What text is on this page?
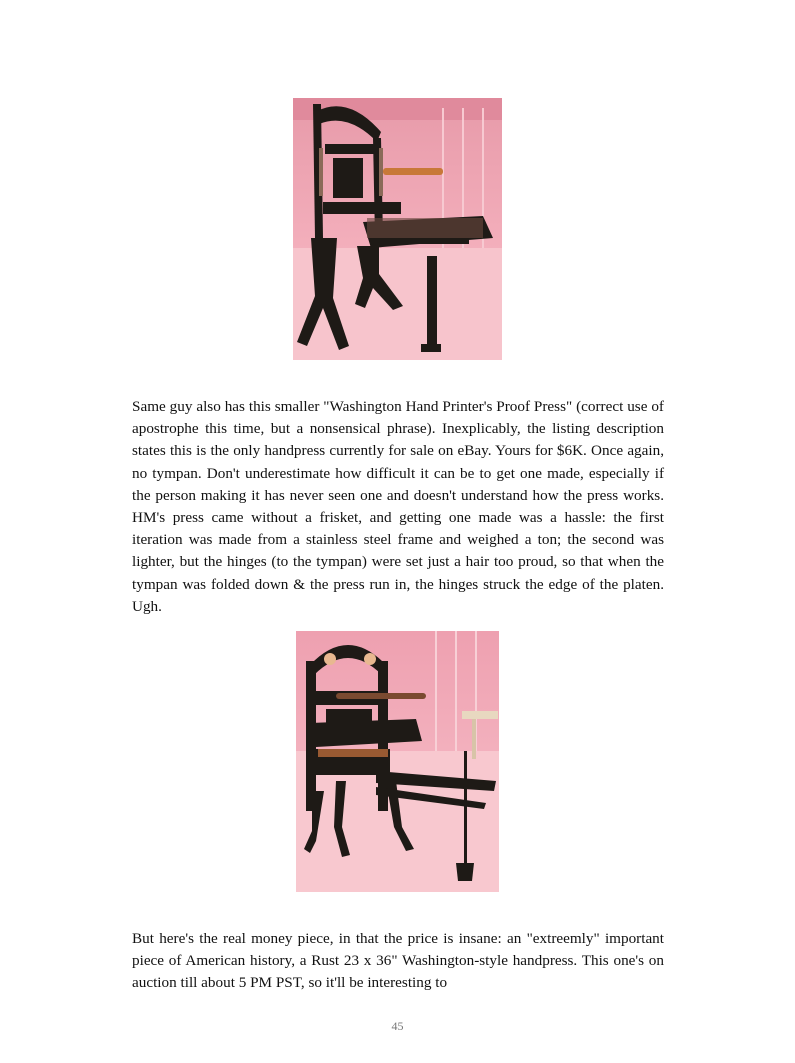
Same guy also has this smaller "Washington Hand Printer's Proof Press" (correct use of apostrophe this time, but a nonsensical phrase). Inexplicably, the listing description states this is the only handpress currently for sale on eBay. Yours for $6K. Once again, no tympan. Don't underestimate how difficult it can be to get one made, especially if the person making it has never seen one and doesn't understand how the press works. HM's press came without a frisket, and getting one made was a hassle: the first iteration was made from a stainless steel frame and weighed a ton; the second was lighter, but the hinges (to the tympan) were set just a hair too proud, so that when the tympan was folded down & the press run in, the hinges struck the edge of the platen. Ugh.

But here's the real money piece, in that the price is insane: an "extreemly" important piece of American history, a Rust 23 x 36" Washington-style handpress. This one's on auction till about 5 PM PST, so it'll be interesting to

45
